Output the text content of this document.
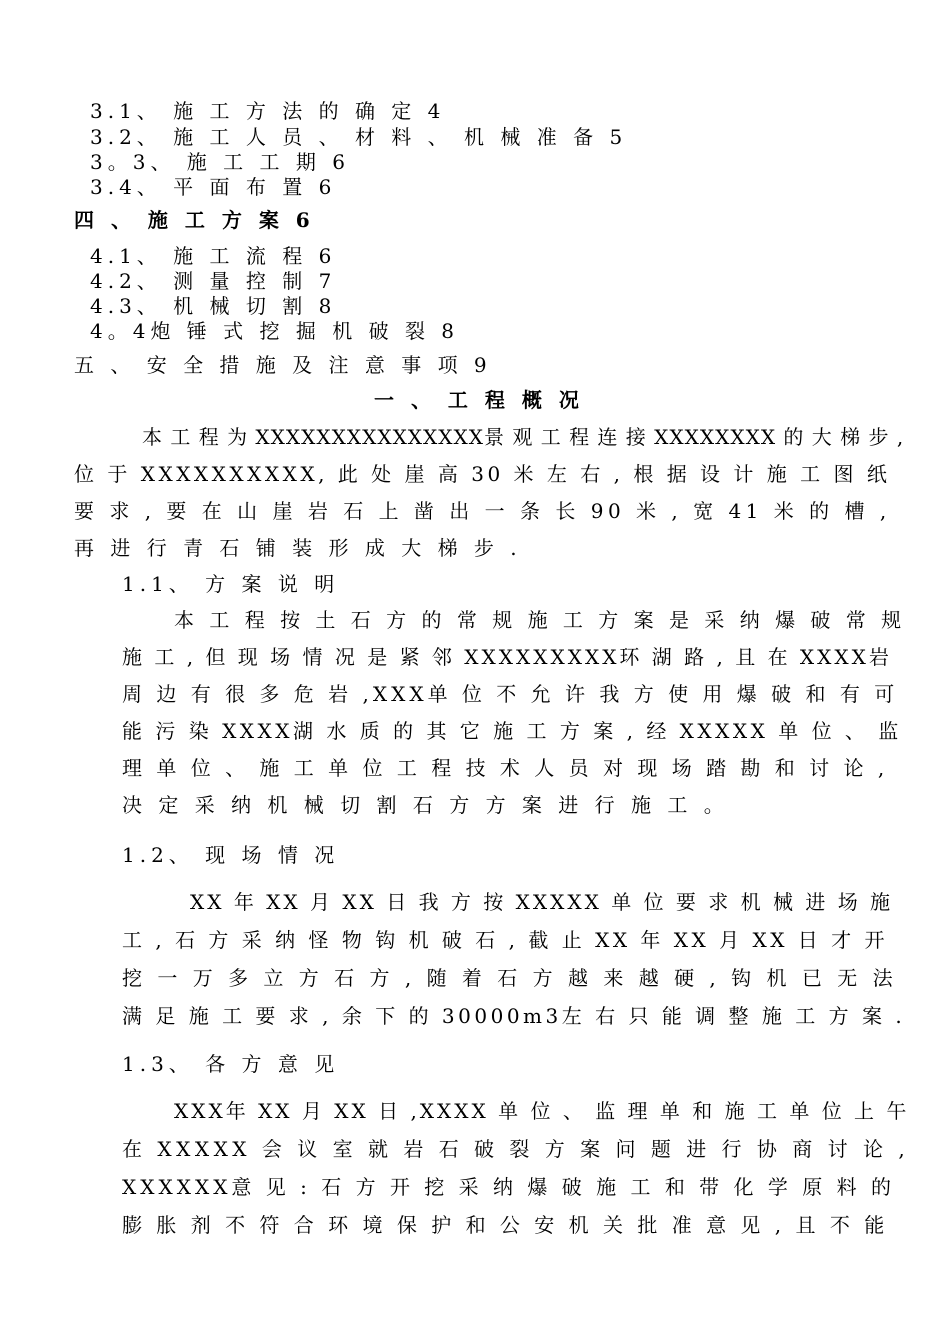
3.1、 施 工 方 法 的 确 定 4
3.2、 施 工 人 员 、 材 料 、 机 械 准 备 5
3。3、 施 工 工 期 6
3.4、 平 面 布 置 6
四 、 施 工 方 案 6
4.1、 施 工 流 程 6
4.2、 测 量 控 制 7
4.3、 机 械 切 割 8
4。4炮 锤 式 挖 掘 机 破 裂 8
五 、 安 全 措 施 及 注 意 事 项 9
一 、 工 程 概 况
本 工 程 为 XXXXXXXXXXXXXXX景 观 工 程 连 接 XXXXXXXX 的 大 梯 步 ,
位 于 XXXXXXXXXX, 此 处 崖 高 30 米 左 右 , 根 据 设 计 施 工 图 纸
要 求 , 要 在 山 崖 岩 石 上 凿 出 一 条 长 90 米 , 宽 41 米 的 槽 ,
再 进 行 青 石 铺 装 形 成 大 梯 步 .
1.1、 方 案 说 明
本 工 程 按 土 石 方 的 常 规 施 工 方 案 是 采 纳 爆 破 常 规
施 工 , 但 现 场 情 况 是 紧 邻 XXXXXXXXX环 湖 路 , 且 在 XXXX岩
周 边 有 很 多 危 岩 ,XXX单 位 不 允 许 我 方 使 用 爆 破 和 有 可
能 污 染 XXXX湖 水 质 的 其 它 施 工 方 案 , 经 XXXXX 单 位 、 监
理 单 位 、 施 工 单 位 工 程 技 术 人 员 对 现 场 踏 勘 和 讨 论 ,
决 定 采 纳 机 械 切 割 石 方 方 案 进 行 施 工 。
1.2、 现 场 情 况
XX 年 XX 月 XX 日 我 方 按 XXXXX 单 位 要 求 机 械 进 场 施
工 , 石 方 采 纳 怪 物 钩 机 破 石 , 截 止 XX 年 XX 月 XX 日 才 开
挖 一 万 多 立 方 石 方 , 随 着 石 方 越 来 越 硬 , 钩 机 已 无 法
满 足 施 工 要 求 , 余 下 的 30000m3左 右 只 能 调 整 施 工 方 案 .
1.3、 各 方 意 见
XXX年 XX 月 XX 日 ,XXXX 单 位 、 监 理 单 和 施 工 单 位 上 午
在 XXXXX 会 议 室 就 岩 石 破 裂 方 案 问 题 进 行 协 商 讨 论 ,
XXXXXX意 见 : 石 方 开 挖 采 纳 爆 破 施 工 和 带 化 学 原 料 的
膨 胀 剂 不 符 合 环 境 保 护 和 公 安 机 关 批 准 意 见 , 且 不 能
